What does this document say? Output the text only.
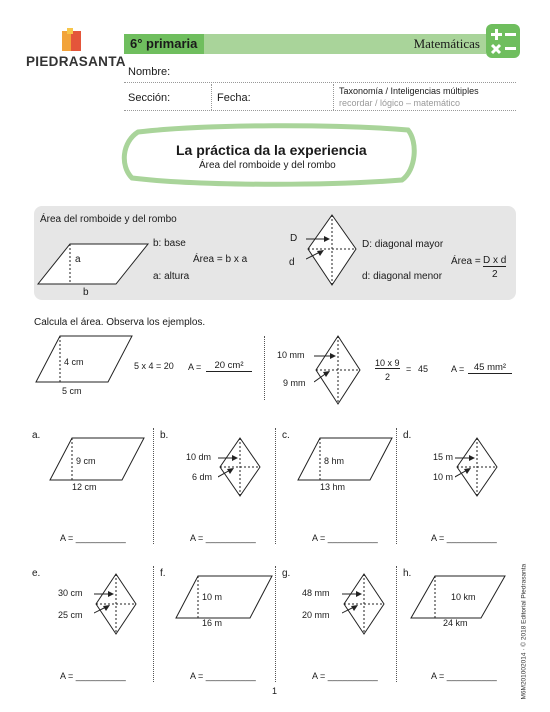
PIEDRASANTA
6° primaria	Matemáticas
Nombre:
Sección:	Fecha:
Taxonomía / Inteligencias múltiples
recordar / lógico – matemático
La práctica da la experiencia
Área del romboide y del rombo
Área del romboide y del rombo
a
b
b: base
Área = b x a
a: altura
D
d
D: diagonal mayor
d: diagonal menor
Área = D x d
2
Calcula el área. Observa los ejemplos.
4 cm
5 cm
5 x 4 = 20 A =	20 cm²
10 mm
9 mm
10 x 9
2
= 45	A =	45 mm²
a.
9 cm
12 cm
A = __________
b.
10 dm
6 dm
A = __________
c.
8 hm
13 hm
A = __________
d.
15 m
10 m
A = __________
e.
30 cm
25 cm
A = __________
f.
10 m
16 m
A = __________
g.
48 mm
20 mm
A = __________
h.
10 km
24 km
A = __________
1	M6M201002014 · © 2018 Editorial Piedrasanta
